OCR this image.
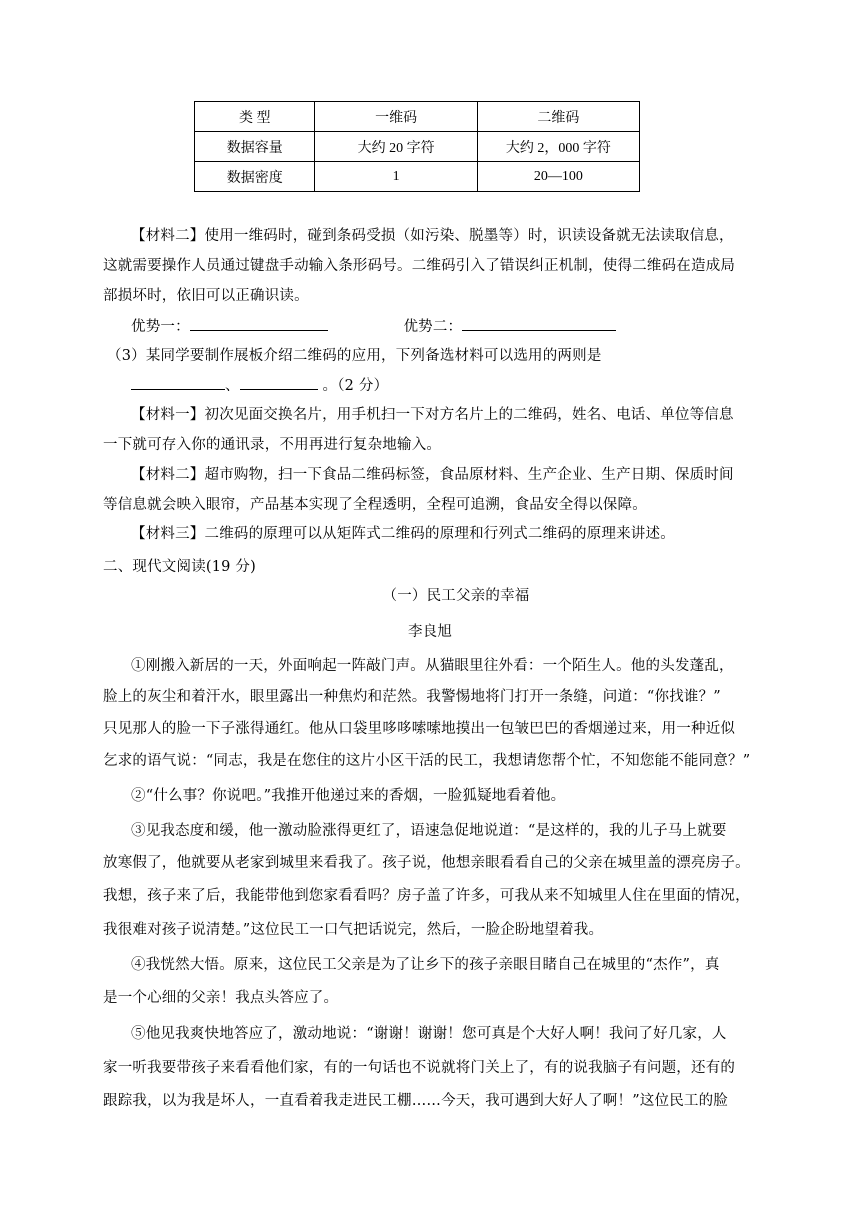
类 型	一维码	二维码
数据容量	大约 20 字符	大约 2，000 字符
数据密度	1	20—100
【材料二】使用一维码时，碰到条码受损（如污染、脱墨等）时，识读设备就无法读取信息，
这就需要操作人员通过键盘手动输入条形码号。二维码引入了错误纠正机制，使得二维码在造成局
部损坏时，依旧可以正确识读。
优势一：	优势二：
（3）某同学要制作展板介绍二维码的应用，下列备选材料可以选用的两则是
、	。（2 分）
【材料一】初次见面交换名片，用手机扫一下对方名片上的二维码，姓名、电话、单位等信息
一下就可存入你的通讯录，不用再进行复杂地输入。
【材料二】超市购物，扫一下食品二维码标签，食品原材料、生产企业、生产日期、保质时间
等信息就会映入眼帘，产品基本实现了全程透明，全程可追溯，食品安全得以保障。
【材料三】二维码的原理可以从矩阵式二维码的原理和行列式二维码的原理来讲述。
二、现代文阅读(19 分)
（一）民工父亲的幸福
李良旭
①刚搬入新居的一天，外面响起一阵敲门声。从猫眼里往外看：一个陌生人。他的头发蓬乱，
脸上的灰尘和着汗水，眼里露出一种焦灼和茫然。我警惕地将门打开一条缝，问道：“你找谁？”
只见那人的脸一下子涨得通红。他从口袋里哆哆嗦嗦地摸出一包皱巴巴的香烟递过来，用一种近似
乞求的语气说：“同志，我是在您住的这片小区干活的民工，我想请您帮个忙，不知您能不能同意？”
②“什么事？你说吧。”我推开他递过来的香烟，一脸狐疑地看着他。
③见我态度和缓，他一激动脸涨得更红了，语速急促地说道：“是这样的，我的儿子马上就要
放寒假了，他就要从老家到城里来看我了。孩子说，他想亲眼看看自己的父亲在城里盖的漂亮房子。
我想，孩子来了后，我能带他到您家看看吗？房子盖了许多，可我从来不知城里人住在里面的情况，
我很难对孩子说清楚。”这位民工一口气把话说完，然后，一脸企盼地望着我。
④我恍然大悟。原来，这位民工父亲是为了让乡下的孩子亲眼目睹自己在城里的“杰作”，真
是一个心细的父亲！我点头答应了。
⑤他见我爽快地答应了，激动地说：“谢谢！谢谢！您可真是个大好人啊！我问了好几家，人
家一听我要带孩子来看看他们家，有的一句话也不说就将门关上了，有的说我脑子有问题，还有的
跟踪我，以为我是坏人，一直看着我走进民工棚……今天，我可遇到大好人了啊！”这位民工的脸
